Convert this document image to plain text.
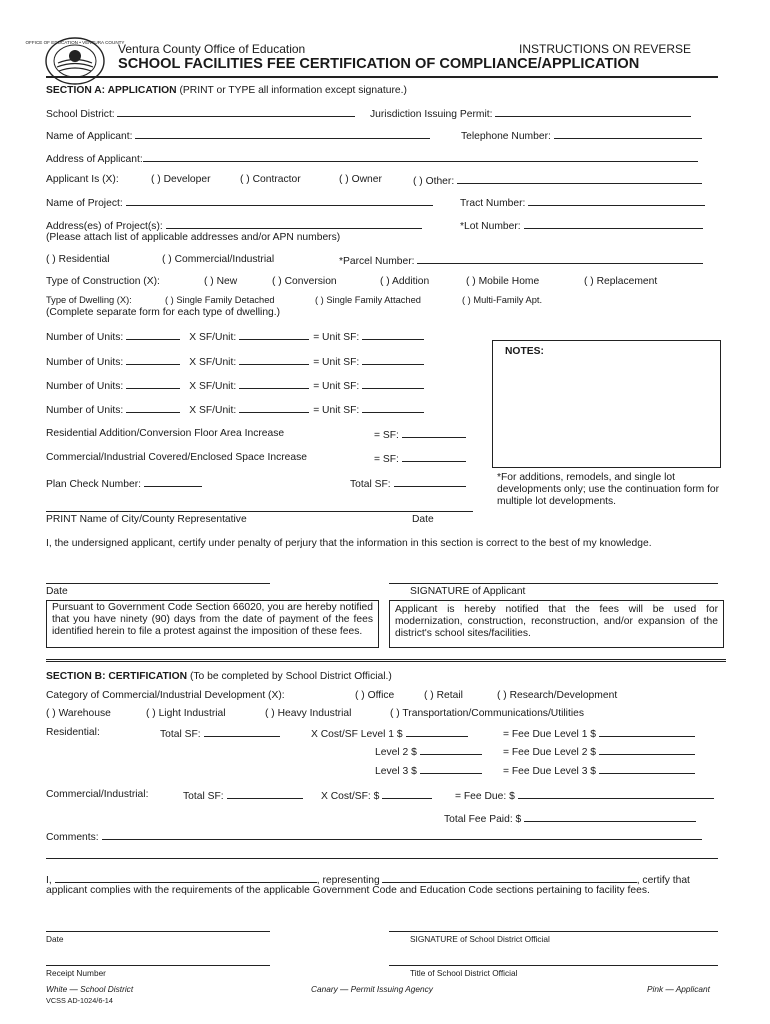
OFFICE OF EDUCATION • VENTURA COUNTY
Ventura County Office of Education	INSTRUCTIONS ON REVERSE
SCHOOL FACILITIES FEE CERTIFICATION OF COMPLIANCE/APPLICATION
SECTION A: APPLICATION (PRINT or TYPE all information except signature.)
School District:	Jurisdiction Issuing Permit:
Name of Applicant:	Telephone Number:
Address of Applicant:
Applicant Is (X):	( ) Developer	( ) Contractor	( ) Owner	( ) Other:
Name of Project:	Tract Number:
Address(es) of Project(s):	*Lot Number:
(Please attach list of applicable addresses and/or APN numbers)
( ) Residential	( ) Commercial/Industrial	*Parcel Number:
Type of Construction (X):	( ) New	( ) Conversion	( ) Addition	( ) Mobile Home	( ) Replacement
Type of Dwelling (X):	( ) Single Family Detached	( ) Single Family Attached	( ) Multi-Family Apt.
(Complete separate form for each type of dwelling.)
Number of Units:	X SF/Unit:	= Unit SF:
Number of Units:	X SF/Unit:	= Unit SF:
Number of Units:	X SF/Unit:	= Unit SF:
Number of Units:	X SF/Unit:	= Unit SF:
NOTES:
Residential Addition/Conversion Floor Area Increase	= SF:
Commercial/Industrial Covered/Enclosed Space Increase	= SF:
Plan Check Number:	Total SF:
*For additions, remodels, and single lot developments only; use the continuation form for multiple lot developments.
PRINT Name of City/County Representative	Date
I, the undersigned applicant, certify under penalty of perjury that the information in this section is correct to the best of my knowledge.
Date	SIGNATURE of Applicant
Pursuant to Government Code Section 66020, you are hereby notified that you have ninety (90) days from the date of payment of the fees identified herein to file a protest against the imposition of these fees.
Applicant is hereby notified that the fees will be used for modernization, construction, reconstruction, and/or expansion of the district's school sites/facilities.
SECTION B: CERTIFICATION (To be completed by School District Official.)
Category of Commercial/Industrial Development (X):	( ) Office	( ) Retail	( ) Research/Development
( ) Warehouse	( ) Light Industrial	( ) Heavy Industrial	( ) Transportation/Communications/Utilities
Residential:	Total SF:	X Cost/SF Level 1 $	= Fee Due Level 1 $
Level 2 $	= Fee Due Level 2 $
Level 3 $	= Fee Due Level 3 $
Commercial/Industrial:	Total SF:	X Cost/SF: $	= Fee Due: $
Total Fee Paid: $
Comments:
I,	, representing	, certify that
applicant complies with the requirements of the applicable Government Code and Education Code sections pertaining to facility fees.
Date	SIGNATURE of School District Official
Receipt Number	Title of School District Official
White — School District	Canary — Permit Issuing Agency	Pink — Applicant
VCSS AD-1024/6-14
